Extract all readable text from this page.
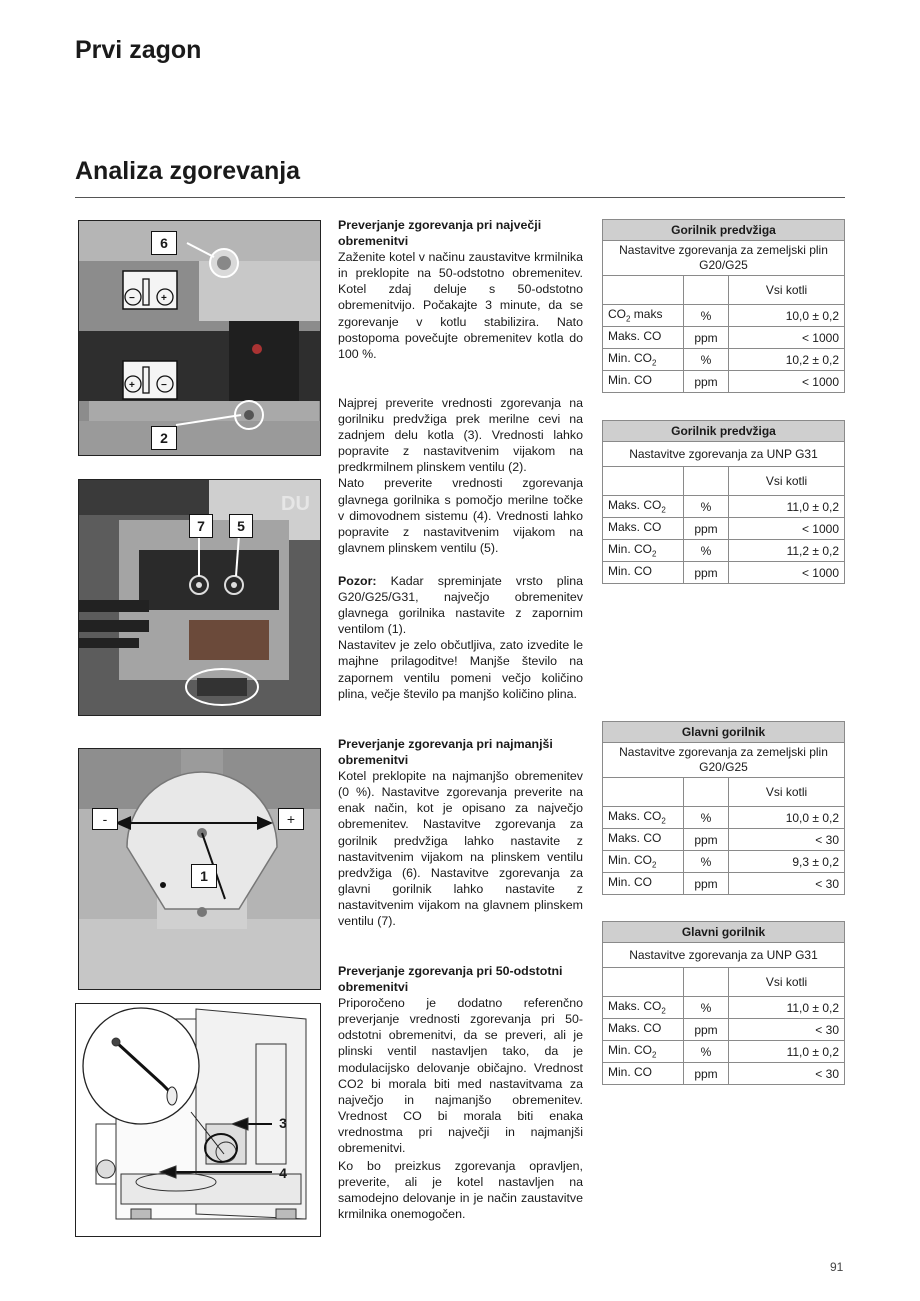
Prvi zagon
Analiza zgorevanja
−	+
+	−
6
2
DU
7	5
-	+
1
3
4

Preverjanje zgorevanja pri največji obremenitvi

Zaženite kotel v načinu zaustavitve krmilnika in preklopite na 50-odstotno obremenitev. Kotel zdaj deluje s 50-odstotno obremenitvijo. Počakajte 3 minute, da se zgorevanje v kotlu stabilizira. Nato postopoma povečujte obremenitev kotla do 100 %.

Najprej preverite vrednosti zgorevanja na gorilniku predvžiga prek merilne cevi na zadnjem delu kotla (3). Vrednosti lahko popravite z nastavitvenim vijakom na predkrmilnem plinskem ventilu (2).

Nato preverite vrednosti zgorevanja glavnega gorilnika s pomočjo merilne točke v dimovodnem sistemu (4). Vrednosti lahko popravite z nastavitvenim vijakom na glavnem plinskem ventilu (5).

Pozor: Kadar spreminjate vrsto plina G20/G25/G31, največjo obremenitev glavnega gorilnika nastavite z zapornim ventilom (1).

Nastavitev je zelo občutljiva, zato izvedite le majhne prilagoditve! Manjše število na zapornem ventilu pomeni večjo količino plina, večje število pa manjšo količino plina.

Preverjanje zgorevanja pri najmanjši obremenitvi

Kotel preklopite na najmanjšo obremenitev (0 %). Nastavitve zgorevanja preverite na enak način, kot je opisano za največjo obremenitev. Nastavitve zgorevanja za gorilnik predvžiga lahko nastavite z nastavitvenim vijakom na plinskem ventilu predvžiga (6). Nastavitve zgorevanja za glavni gorilnik lahko nastavite z nastavitvenim vijakom na glavnem plinskem ventilu (7).

Preverjanje zgorevanja pri 50-odstotni obremenitvi

Priporočeno je dodatno referenčno preverjanje vrednosti zgorevanja pri 50-odstotni obremenitvi, da se preveri, ali je plinski ventil nastavljen tako, da je modulacijsko delovanje običajno. Vrednost CO2 bi morala biti med nastavitvama za največjo in najmanjšo obremenitev. Vrednost CO bi morala biti enaka vrednostma pri največji in najmanjši obremenitvi.

Ko bo preizkus zgorevanja opravljen, preverite, ali je kotel nastavljen na samodejno delovanje in je način zaustavitve krmilnika onemogočen.

Gorilnik predvžiga		
Nastavitve zgorevanja za zemeljski plin G20/G25		
		Vsi kotli
$CO_2$ maks	%	10,0 ± 0,2
Maks. CO	ppm	< 1000
Min. $CO_2$	%	10,2 ± 0,2
Min. CO	ppm	< 1000
Gorilnik predvžiga		
Nastavitve zgorevanja za UNP G31		
		Vsi kotli
Maks. $CO_2$	%	11,0 ± 0,2
Maks. CO	ppm	< 1000
Min. $CO_2$	%	11,2 ± 0,2
Min. CO	ppm	< 1000
Glavni gorilnik		
Nastavitve zgorevanja za zemeljski plin G20/G25		
		Vsi kotli
Maks. $CO_2$	%	10,0 ± 0,2
Maks. CO	ppm	< 30
Min. $CO_2$	%	9,3 ± 0,2
Min. CO	ppm	< 30
Glavni gorilnik		
Nastavitve zgorevanja za UNP G31		
		Vsi kotli
Maks. $CO_2$	%	11,0 ± 0,2
Maks. CO	ppm	< 30
Min. $CO_2$	%	11,0 ± 0,2
Min. CO	ppm	< 30
91
